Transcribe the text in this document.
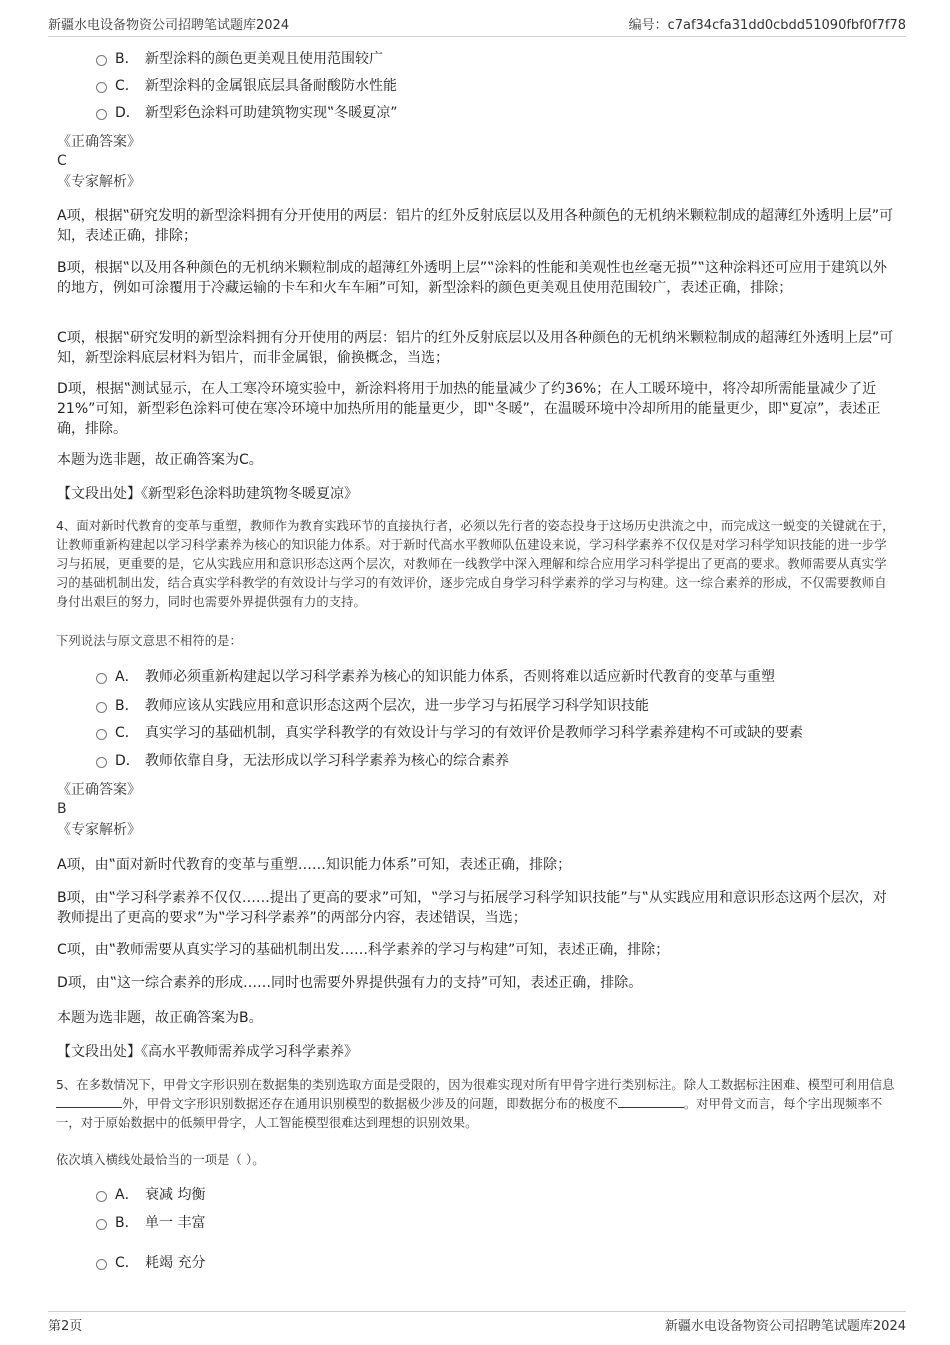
新疆水电设备物资公司招聘笔试题库2024	编号：c7af34cfa31dd0cbdd51090fbf0f7f78
B． 新型涂料的颜色更美观且使用范围较广
C． 新型涂料的金属银底层具备耐酸防水性能
D． 新型彩色涂料可助建筑物实现‟冬暖夏凉”
《正确答案》
C
《专家解析》
A项，根据‟研究发明的新型涂料拥有分开使用的两层：铝片的红外反射底层以及用各种颜色的无机纳米颗粒制成的超薄红外透明上层”可知，表述正确，排除；
B项，根据‟以及用各种颜色的无机纳米颗粒制成的超薄红外透明上层”‟涂料的性能和美观性也丝毫无损”‟这种涂料还可应用于建筑以外的地方，例如可涂覆用于冷藏运输的卡车和火车车厢”可知，新型涂料的颜色更美观且使用范围较广，表述正确，排除；
C项，根据‟研究发明的新型涂料拥有分开使用的两层：铝片的红外反射底层以及用各种颜色的无机纳米颗粒制成的超薄红外透明上层”可知，新型涂料底层材料为铝片，而非金属银，偷换概念，当选；
D项，根据‟测试显示，在人工寒冷环境实验中，新涂料将用于加热的能量减少了约36%；在人工暖环境中，将冷却所需能量减少了近21%”可知，新型彩色涂料可使在寒冷环境中加热所用的能量更少，即‟冬暖”，在温暖环境中冷却所用的能量更少，即‟夏凉”，表述正确，排除。
本题为选非题，故正确答案为C。
【文段出处】《新型彩色涂料助建筑物冬暖夏凉》
4、面对新时代教育的变革与重塑，教师作为教育实践环节的直接执行者，必须以先行者的姿态投身于这场历史洪流之中，而完成这一蜕变的关键就在于，让教师重新构建起以学习科学素养为核心的知识能力体系。对于新时代高水平教师队伍建设来说，学习科学素养不仅仅是对学习科学知识技能的进一步学习与拓展，更重要的是，它从实践应用和意识形态这两个层次，对教师在一线教学中深入理解和综合应用学习科学提出了更高的要求。教师需要从真实学习的基础机制出发，结合真实学科教学的有效设计与学习的有效评价，逐步完成自身学习科学素养的学习与构建。这一综合素养的形成，不仅需要教师自身付出艰巨的努力，同时也需要外界提供强有力的支持。
下列说法与原文意思不相符的是：
A． 教师必须重新构建起以学习科学素养为核心的知识能力体系，否则将难以适应新时代教育的变革与重塑
B． 教师应该从实践应用和意识形态这两个层次，进一步学习与拓展学习科学知识技能
C． 真实学习的基础机制，真实学科教学的有效设计与学习的有效评价是教师学习科学素养建构不可或缺的要素
D． 教师依靠自身，无法形成以学习科学素养为核心的综合素养
《正确答案》
B
《专家解析》
A项，由‟面对新时代教育的变革与重塑……知识能力体系”可知，表述正确，排除；
B项，由‟学习科学素养不仅仅……提出了更高的要求”可知，‟学习与拓展学习科学知识技能”与‟从实践应用和意识形态这两个层次，对教师提出了更高的要求”为‟学习科学素养”的两部分内容，表述错误，当选；
C项，由‟教师需要从真实学习的基础机制出发……科学素养的学习与构建”可知，表述正确，排除；
D项，由‟这一综合素养的形成……同时也需要外界提供强有力的支持”可知，表述正确，排除。
本题为选非题，故正确答案为B。
【文段出处】《高水平教师需养成学习科学素养》
5、在多数情况下，甲骨文字形识别在数据集的类别选取方面是受限的，因为很难实现对所有甲骨字进行类别标注。除人工数据标注困难、模型可利用信息外，甲骨文字形识别数据还存在通用识别模型的数据极少涉及的问题，即数据分布的极度不	。对甲骨文而言，每个字出现频率不一，对于原始数据中的低频甲骨字，人工智能模型很难达到理想的识别效果。
依次填入横线处最恰当的一项是（ ）。
A． 衰减 均衡
B． 单一 丰富
C． 耗竭 充分
第2页	新疆水电设备物资公司招聘笔试题库2024
